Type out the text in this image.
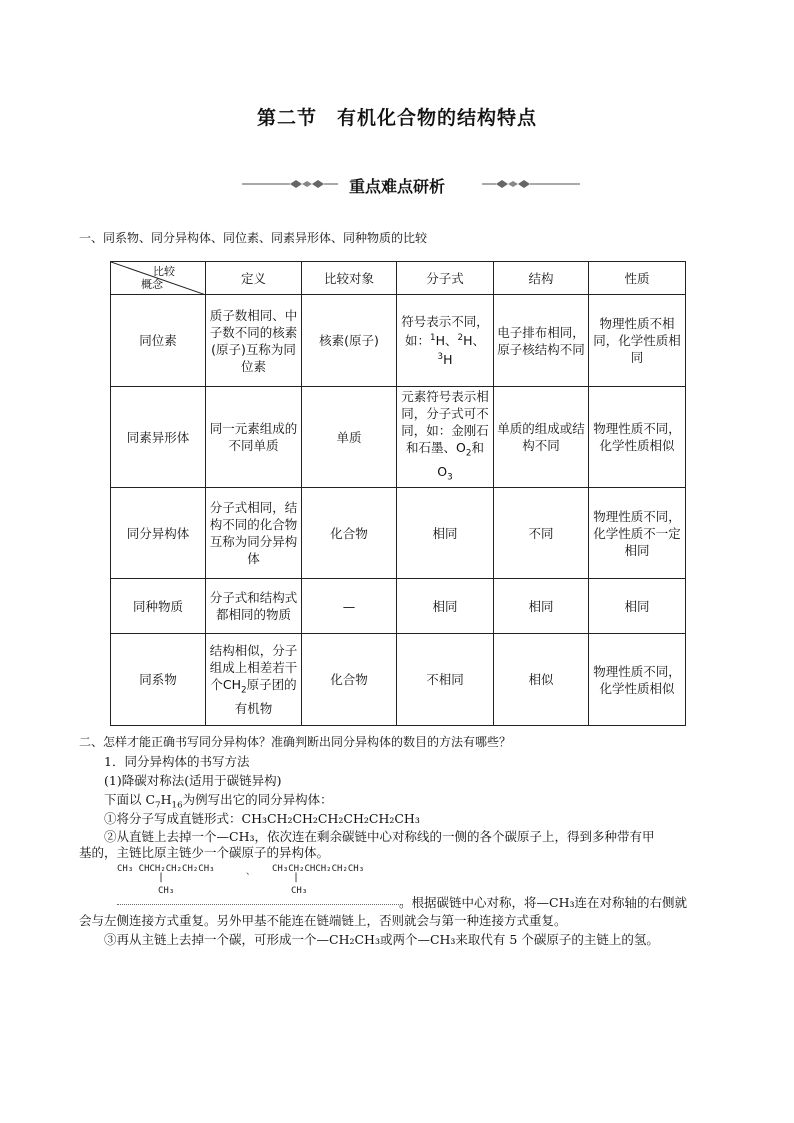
第二节　有机化合物的结构特点
重点难点研析
一、同系物、同分异构体、同位素、同素异形体、同种物质的比较
比较
概念	定义	比较对象	分子式	结构	性质
同位素	质子数相同、中子数不同的核素(原子)互称为同位素	核素(原子)	符号表示不同，如：$^1$H、$^2$H、$^3$H	电子排布相同，原子核结构不同	物理性质不相同，化学性质相同
同素异形体	同一元素组成的不同单质	单质	元素符号表示相同，分子式可不同，如：金刚石和石墨、$O_2$和 $O_3$	单质的组成或结构不同	物理性质不同，化学性质相似
同分异构体	分子式相同，结构不同的化合物互称为同分异构体	化合物	相同	不同	物理性质不同，化学性质不一定相同
同种物质	分子式和结构式都相同的物质	—	相同	相同	相同
同系物	结构相似，分子组成上相差若干个$CH_2$原子团的有机物	化合物	不相同	相似	物理性质不同，化学性质相似
二、怎样才能正确书写同分异构体？准确判断出同分异构体的数目的方法有哪些？
1．同分异构体的书写方法
(1)降碳对称法(适用于碳链异构)
下面以 $C_7H_{16}$为例写出它的同分异构体：
①将分子写成直链形式：CH₃CH₂CH₂CH₂CH₂CH₂CH₃
②从直链上去掉一个—CH₃，依次连在剩余碳链中心对称线的一侧的各个碳原子上，得到多种带有甲
基的，主链比原主链少一个碳原子的异构体。
CH₃ CHCH₂CH₂CH₂CH₃
|
CH₃
、 CH₃CH₂CHCH₂CH₂CH₃
|
CH₃
。根据碳链中心对称，将—CH₃连在对称轴的右侧就
会与左侧连接方式重复。另外甲基不能连在链端链上，否则就会与第一种连接方式重复。
③再从主链上去掉一个碳，可形成一个—CH₂CH₃或两个—CH₃来取代有 5 个碳原子的主链上的氢。
